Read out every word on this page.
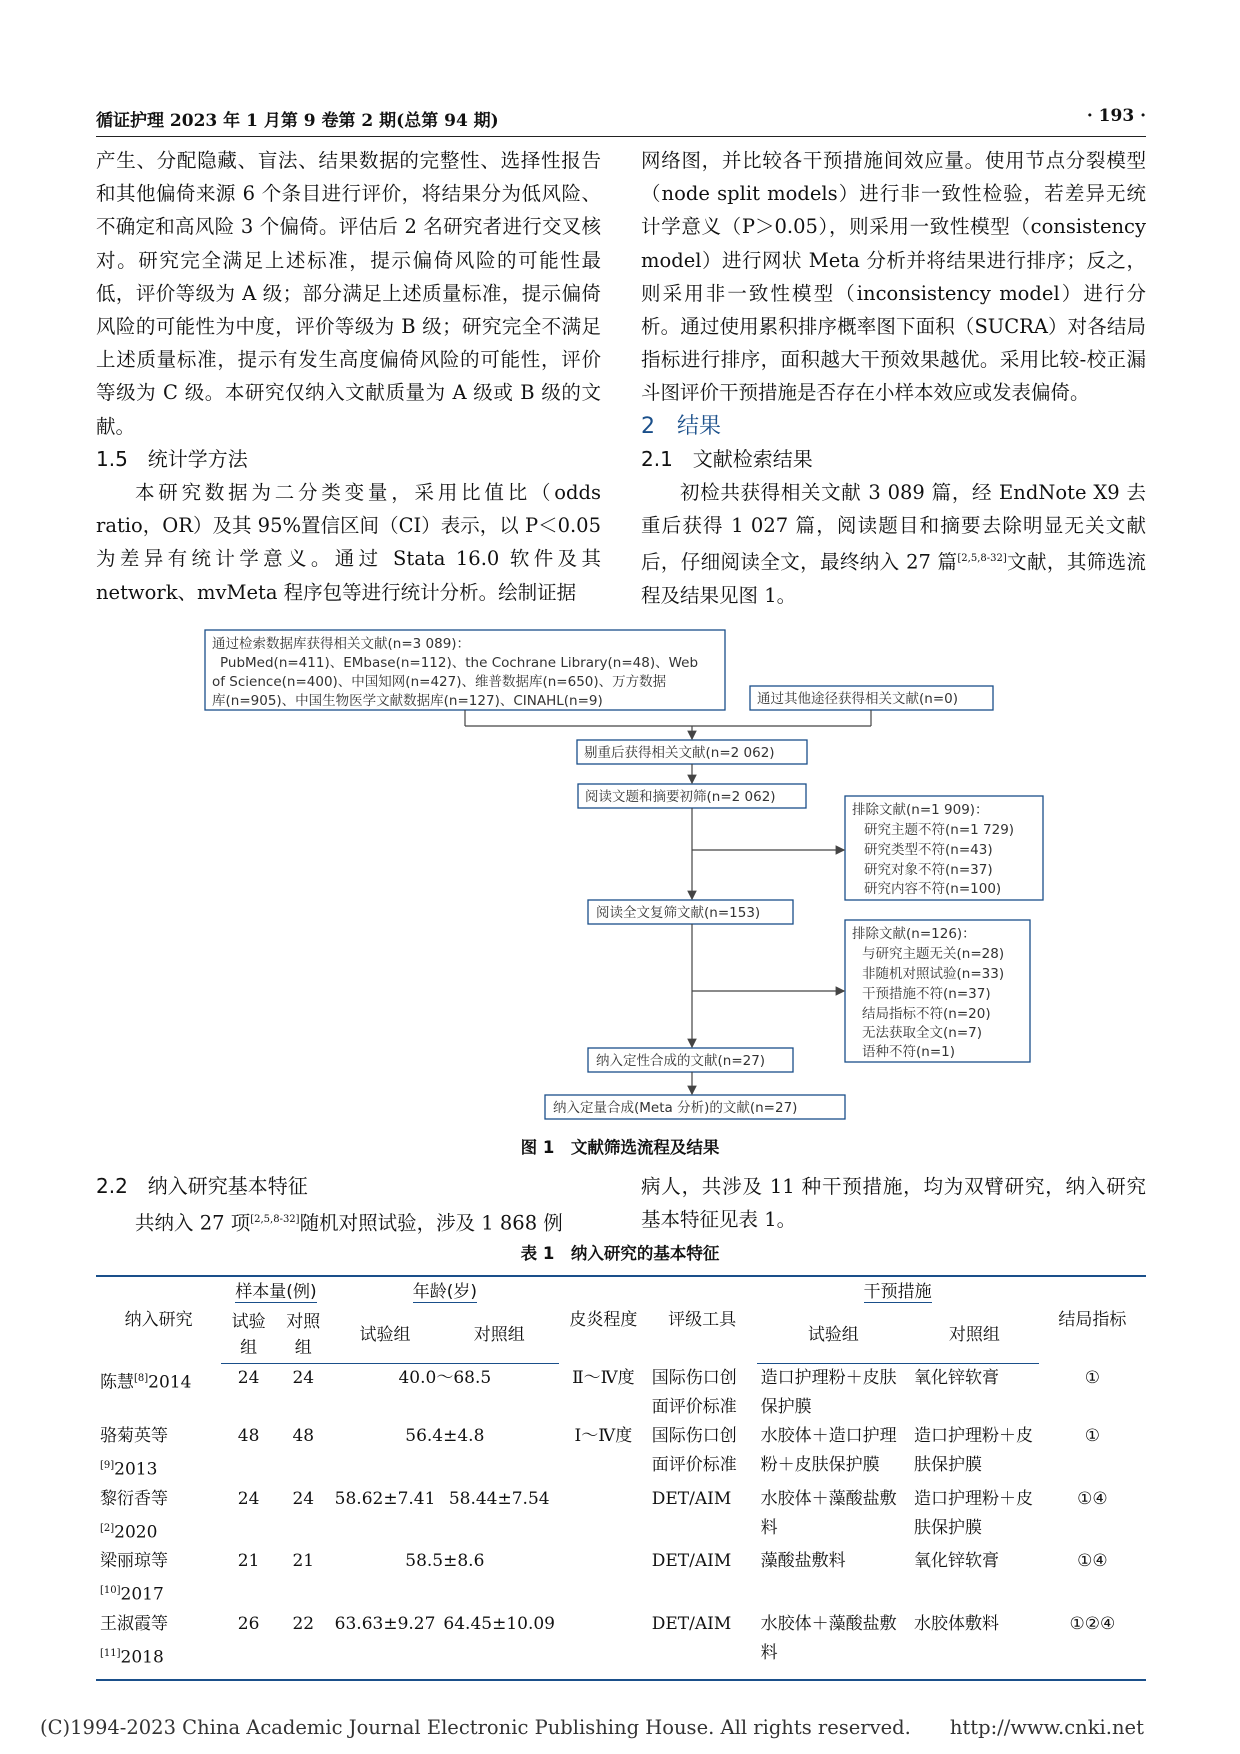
循证护理 2023 年 1 月第 9 卷第 2 期(总第 94 期)	· 193 ·

产生、分配隐藏、盲法、结果数据的完整性、选择性报告和其他偏倚来源 6 个条目进行评价，将结果分为低风险、不确定和高风险 3 个偏倚。评估后 2 名研究者进行交叉核对。研究完全满足上述标准，提示偏倚风险的可能性最低，评价等级为 A 级；部分满足上述质量标准，提示偏倚风险的可能性为中度，评价等级为 B 级；研究完全不满足上述质量标准，提示有发生高度偏倚风险的可能性，评价等级为 C 级。本研究仅纳入文献质量为 A 级或 B 级的文献。

1.5　统计学方法

本研究数据为二分类变量，采用比值比（odds ratio，OR）及其 95%置信区间（CI）表示，以 P＜0.05 为差异有统计学意义。通过 Stata 16.0 软件及其 network、mvMeta 程序包等进行统计分析。绘制证据

网络图，并比较各干预措施间效应量。使用节点分裂模型（node split models）进行非一致性检验，若差异无统计学意义（P＞0.05），则采用一致性模型（consistency model）进行网状 Meta 分析并将结果进行排序；反之，则采用非一致性模型（inconsistency model）进行分析。通过使用累积排序概率图下面积（SUCRA）对各结局指标进行排序，面积越大干预效果越优。采用比较-校正漏斗图评价干预措施是否存在小样本效应或发表偏倚。

2　结果

2.1　文献检索结果

初检共获得相关文献 3 089 篇，经 EndNote X9 去重后获得 1 027 篇，阅读题目和摘要去除明显无关文献后，仔细阅读全文，最终纳入 27 篇[2,5,8-32]文献，其筛选流程及结果见图 1。

通过检索数据库获得相关文献(n=3 089)：
PubMed(n=411)、EMbase(n=112)、the Cochrane Library(n=48)、Web
of Science(n=400)、中国知网(n=427)、维普数据库(n=650)、万方数据
库(n=905)、中国生物医学文献数据库(n=127)、CINAHL(n=9)	通过其他途径获得相关文献(n=0)
剔重后获得相关文献(n=2 062)
阅读文题和摘要初筛(n=2 062)
排除文献(n=1 909)：
研究主题不符(n=1 729)
研究类型不符(n=43)
研究对象不符(n=37)
研究内容不符(n=100)
阅读全文复筛文献(n=153)
排除文献(n=126)：
与研究主题无关(n=28)
非随机对照试验(n=33)
干预措施不符(n=37)
结局指标不符(n=20)
无法获取全文(n=7)
语种不符(n=1)
纳入定性合成的文献(n=27)
纳入定量合成(Meta 分析)的文献(n=27)
图 1　文献筛选流程及结果

2.2　纳入研究基本特征

共纳入 27 项[2,5,8-32]随机对照试验，涉及 1 868 例

病人，共涉及 11 种干预措施，均为双臂研究，纳入研究基本特征见表 1。

表 1　纳入研究的基本特征
纳入研究	样本量(例)		年龄(岁)		皮炎程度	评级工具	干预措施		结局指标
	试验组	对照组	试验组	对照组			试验组	对照组	
陈慧[8]2014	24	24	40.0～68.5		Ⅱ～Ⅳ度	国际伤口创面评价标准	造口护理粉＋皮肤保护膜	氧化锌软膏	①
骆菊英等[9]2013	48	48	56.4±4.8		Ⅰ～Ⅳ度	国际伤口创面评价标准	水胶体＋造口护理粉＋皮肤保护膜	造口护理粉＋皮肤保护膜	①
黎衍香等[2]2020	24	24	58.62±7.41	58.44±7.54		DET/AIM	水胶体＋藻酸盐敷料	造口护理粉＋皮肤保护膜	①④
梁丽琼等[10]2017	21	21	58.5±8.6			DET/AIM	藻酸盐敷料	氧化锌软膏	①④
王淑霞等[11]2018	26	22	63.63±9.27	64.45±10.09		DET/AIM	水胶体＋藻酸盐敷料	水胶体敷料	①②④
(C)1994-2023 China Academic Journal Electronic Publishing House. All rights reserved.　　http://www.cnki.net
